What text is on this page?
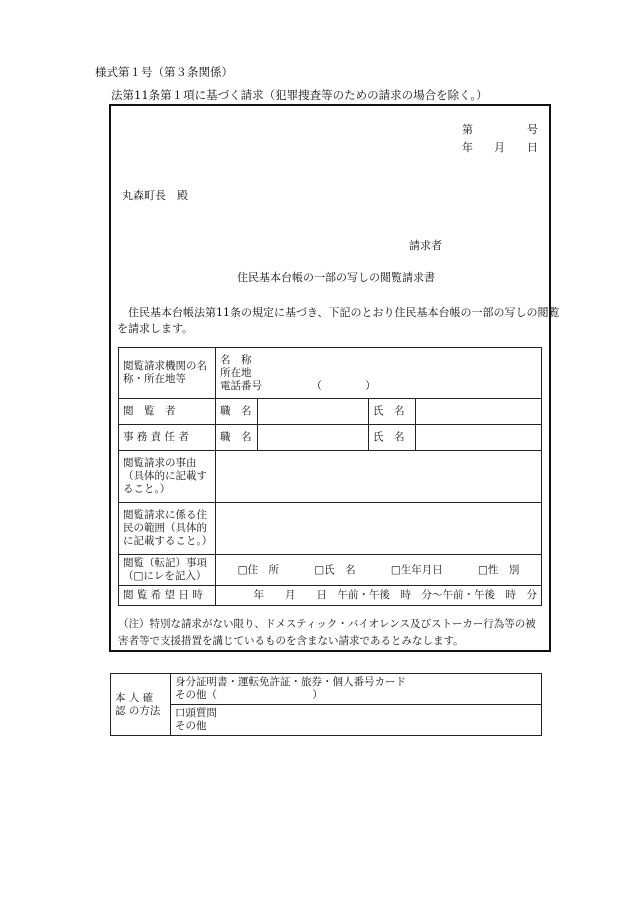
様式第１号（第３条関係）
法第11条第１項に基づく請求（犯罪捜査等のための請求の場合を除く。）
第	号
年 月 日
丸森町長　殿
請求者
住民基本台帳の一部の写しの閲覧請求書
住民基本台帳法第11条の規定に基づき、下記のとおり住民基本台帳の一部の写しの閲覧
を請求します。
閲覧請求機関の名称・所在地等	名　称
所在地
電話番号 （ ）			

閲　覧　者	職　名		氏　名	
事 務 責 任 者	職　名		氏　名	
閲覧請求の事由（具体的に記載すること。）				
閲覧請求に係る住民の範囲（具体的に記載すること。）				
閲覧（転記）事項（□にレを記入）	□住　所 □氏　名 □生年月日 □性　別			

閲 覧 希 望 日 時	年　　月　　日　午前・午後　時　分〜午前・午後　時　分			
（注）特別な請求がない限り、ドメスティック・バイオレンス及びストーカー行為等の被害者等で支援措置を講じているものを含まない請求であるとみなします。
本 人 確 認 の方法	
身分証明書・運転免許証・旅券・個人番号カード
その他（	）

口頭質問
その他
